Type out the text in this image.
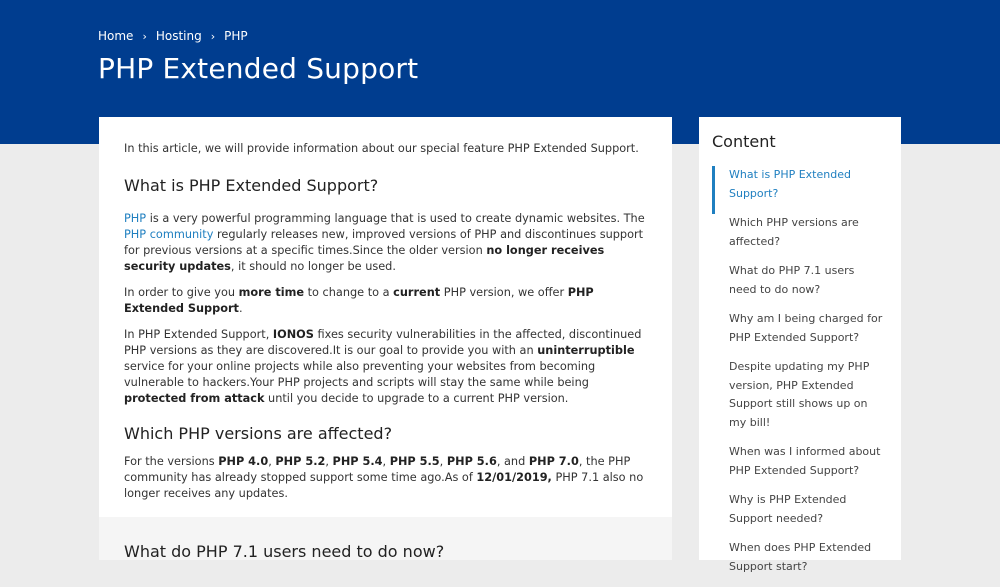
Home › Hosting › PHP
PHP Extended Support

In this article, we will provide information about our special feature PHP Extended Support.

What is PHP Extended Support?

PHP is a very powerful programming language that is used to create dynamic websites. The PHP community regularly releases new, improved versions of PHP and discontinues support for previous versions at a specific times.Since the older version no longer receives security updates, it should no longer be used.

In order to give you more time to change to a current PHP version, we offer PHP Extended Support.

In PHP Extended Support, IONOS fixes security vulnerabilities in the affected, discontinued PHP versions as they are discovered.It is our goal to provide you with an uninterruptible service for your online projects while also preventing your websites from becoming vulnerable to hackers.Your PHP projects and scripts will stay the same while being protected from attack until you decide to upgrade to a current PHP version.

Which PHP versions are affected?

For the versions PHP 4.0, PHP 5.2, PHP 5.4, PHP 5.5, PHP 5.6, and PHP 7.0, the PHP community has already stopped support some time ago.As of 12/01/2019, PHP 7.1 also no longer receives any updates.

What do PHP 7.1 users need to do now?
Content
What is PHP Extended Support?
Which PHP versions are affected?
What do PHP 7.1 users need to do now?
Why am I being charged for PHP Extended Support?
Despite updating my PHP version, PHP Extended Support still shows up on my bill!
When was I informed about PHP Extended Support?
Why is PHP Extended Support needed?
When does PHP Extended Support start?
